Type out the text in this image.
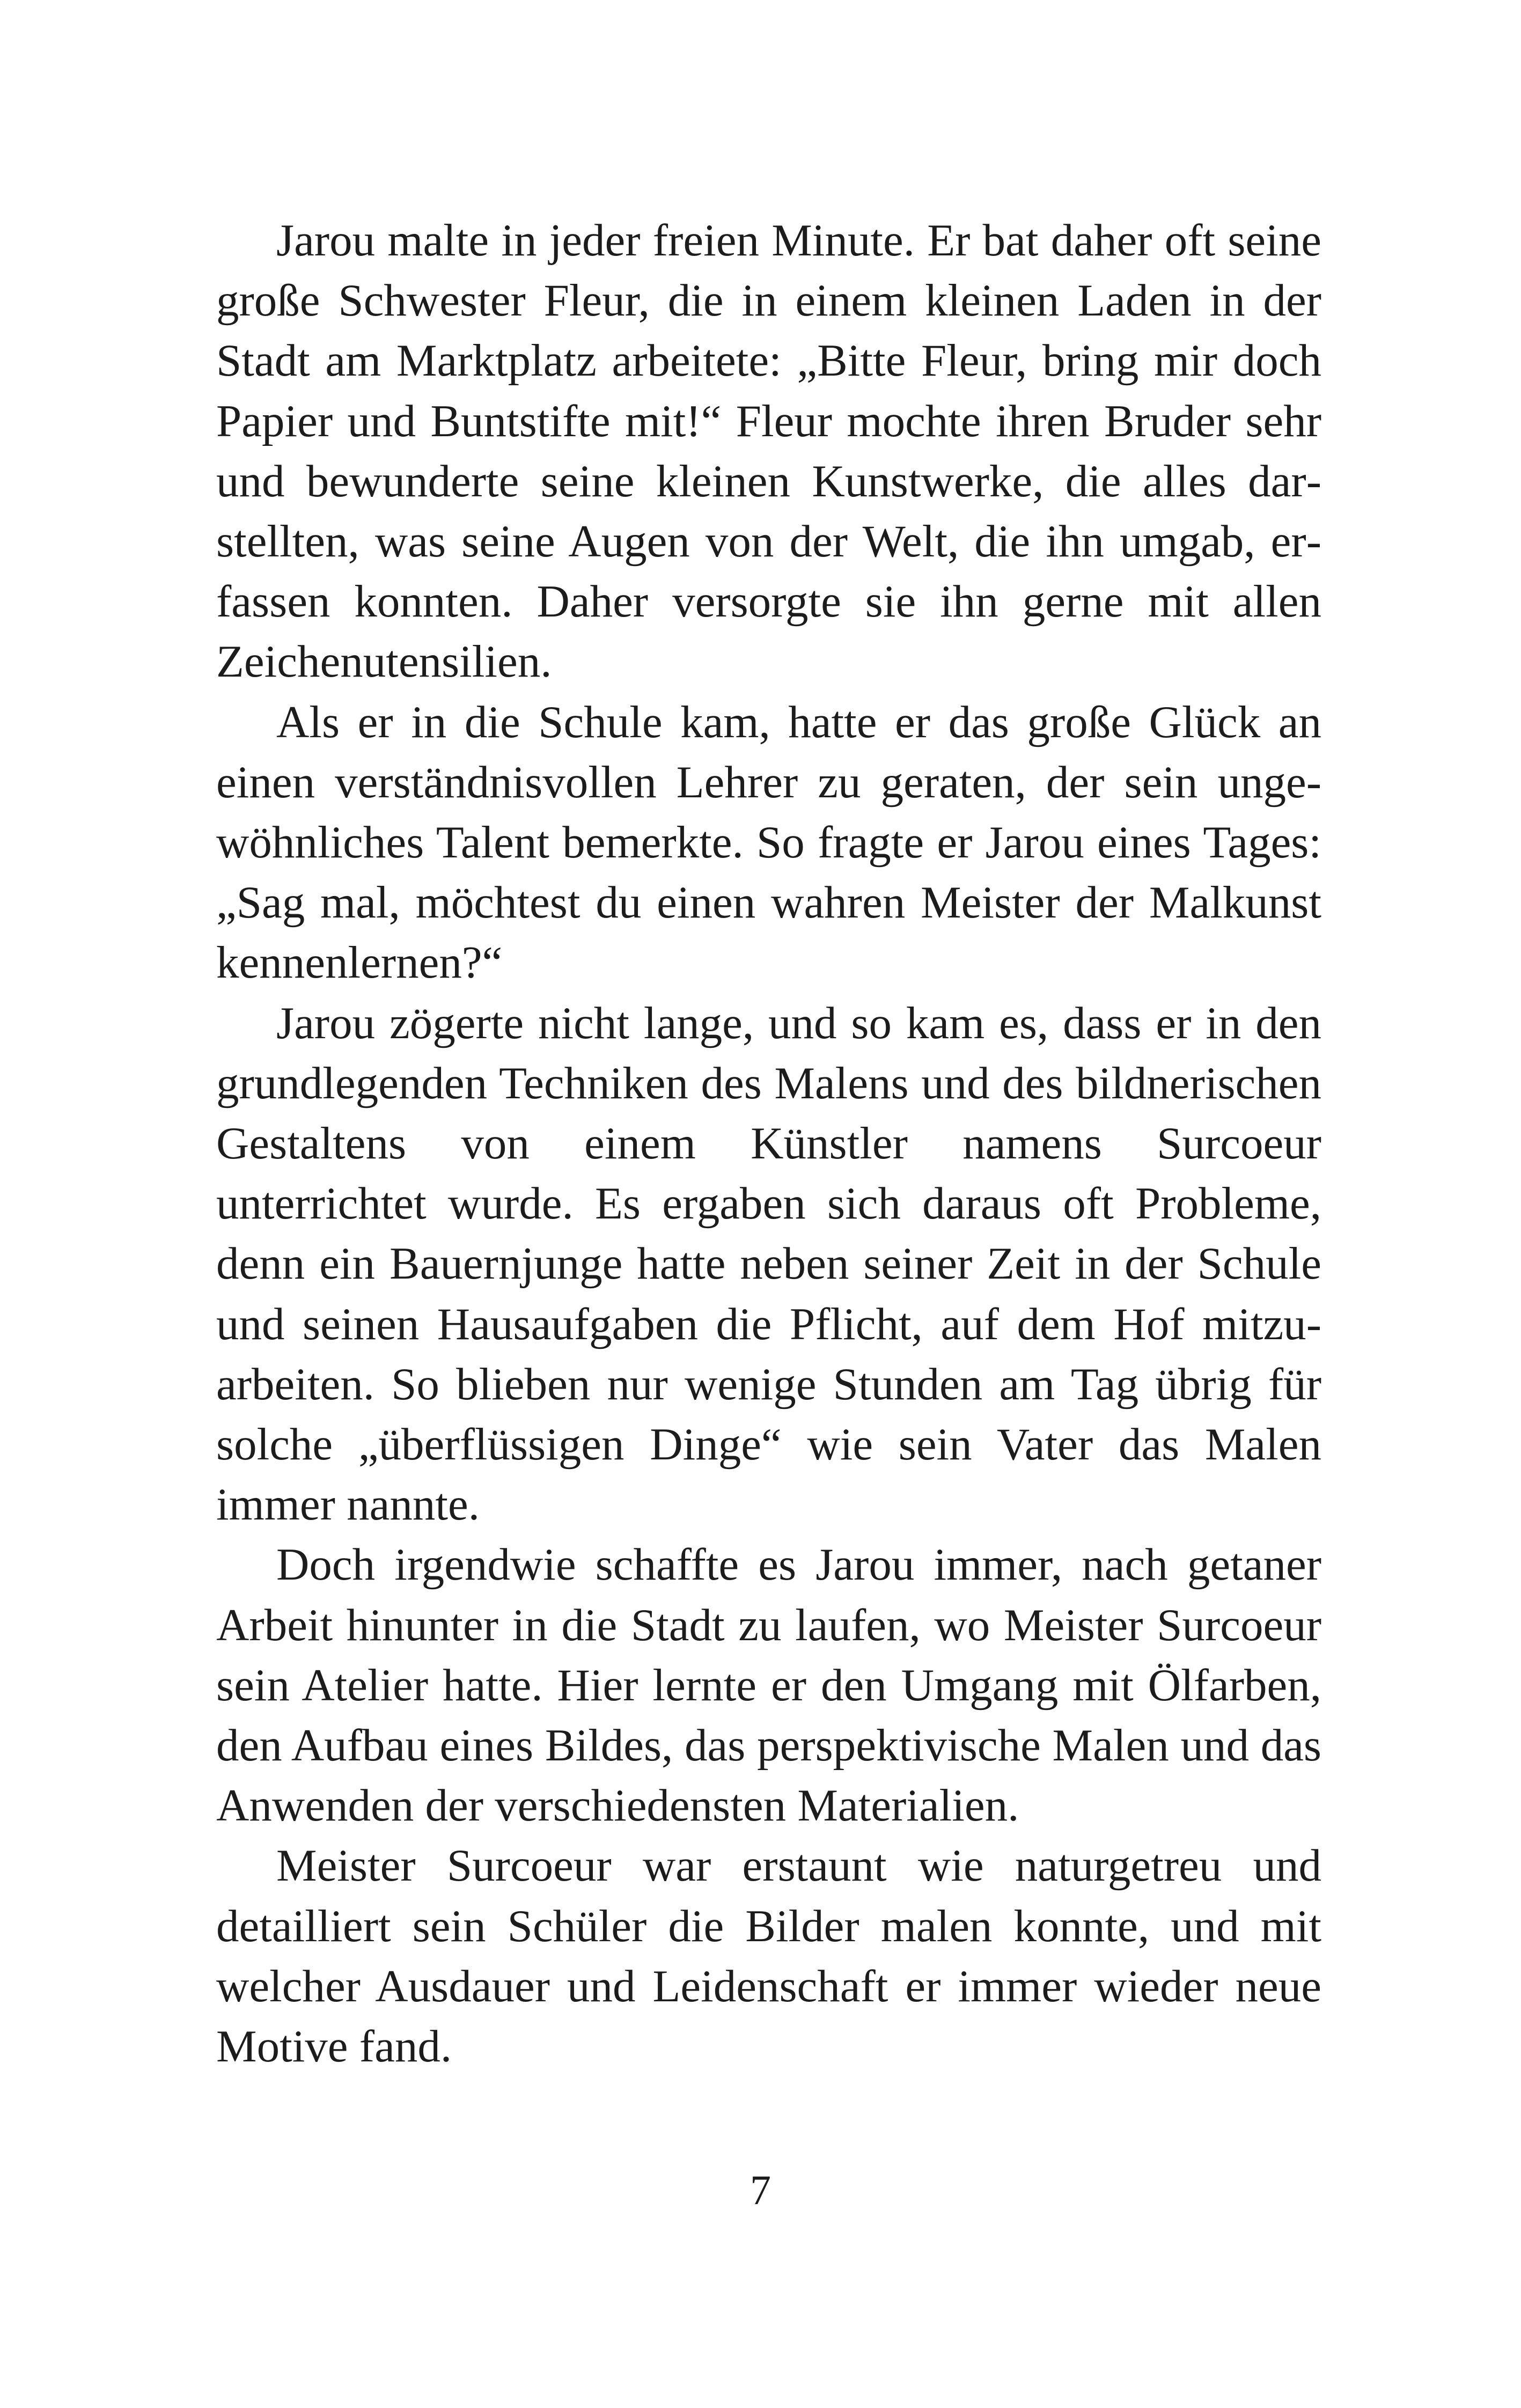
Jarou malte in jeder freien Minute. Er bat daher oft seine große Schwester Fleur, die in einem kleinen Laden in der Stadt am Marktplatz arbeitete: „Bitte Fleur, bring mir doch Papier und Buntstifte mit!“ Fleur mochte ihren Bruder sehr und bewunderte seine kleinen Kunstwerke, die alles darstellten, was seine Augen von der Welt, die ihn umgab, erfassen konnten. Daher versorgte sie ihn gerne mit allen Zeichenutensilien.

Als er in die Schule kam, hatte er das große Glück an einen verständnisvollen Lehrer zu geraten, der sein ungewöhnliches Talent bemerkte. So fragte er Jarou eines Tages: „Sag mal, möchtest du einen wahren Meister der Malkunst kennenlernen?“

Jarou zögerte nicht lange, und so kam es, dass er in den grundlegenden Techniken des Malens und des bildnerischen Gestaltens von einem Künstler namens Surcoeur unterrichtet wurde. Es ergaben sich daraus oft Probleme, denn ein Bauernjunge hatte neben seiner Zeit in der Schule und seinen Hausaufgaben die Pflicht, auf dem Hof mitzuarbeiten. So blieben nur wenige Stunden am Tag übrig für solche „überflüssigen Dinge“ wie sein Vater das Malen immer nannte.

Doch irgendwie schaffte es Jarou immer, nach getaner Arbeit hinunter in die Stadt zu laufen, wo Meister Surcoeur sein Atelier hatte. Hier lernte er den Umgang mit Ölfarben, den Aufbau eines Bildes, das perspektivische Malen und das Anwenden der verschiedensten Materialien.

Meister Surcoeur war erstaunt wie naturgetreu und detailliert sein Schüler die Bilder malen konnte, und mit welcher Ausdauer und Leidenschaft er immer wieder neue Motive fand.

7
